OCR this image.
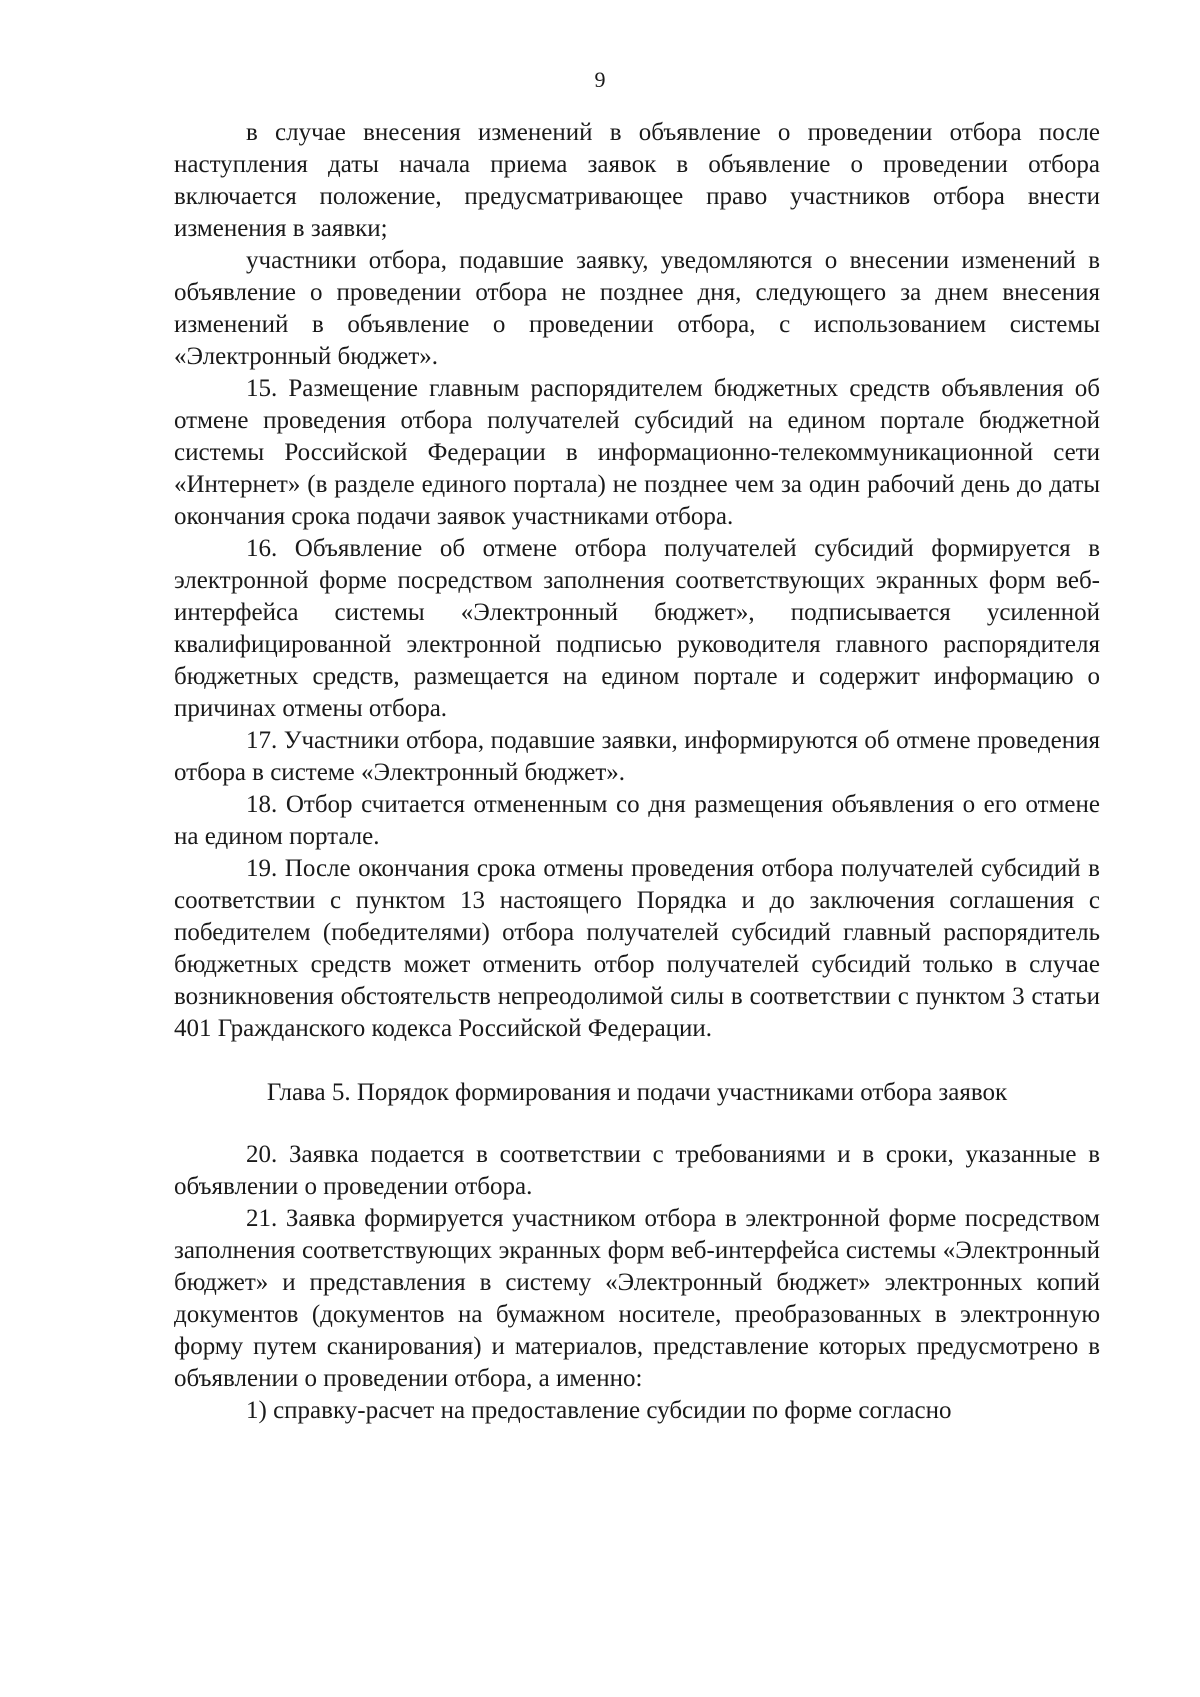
9

в случае внесения изменений в объявление о проведении отбора после наступления даты начала приема заявок в объявление о проведении отбора включается положение, предусматривающее право участников отбора внести изменения в заявки;

участники отбора, подавшие заявку, уведомляются о внесении изменений в объявление о проведении отбора не позднее дня, следующего за днем внесения изменений в объявление о проведении отбора, с использованием системы «Электронный бюджет».

15. Размещение главным распорядителем бюджетных средств объявления об отмене проведения отбора получателей субсидий на едином портале бюджетной системы Российской Федерации в информационно-телекоммуникационной сети «Интернет» (в разделе единого портала) не позднее чем за один рабочий день до даты окончания срока подачи заявок участниками отбора.

16. Объявление об отмене отбора получателей субсидий формируется в электронной форме посредством заполнения соответствующих экранных форм веб-интерфейса системы «Электронный бюджет», подписывается усиленной квалифицированной электронной подписью руководителя главного распорядителя бюджетных средств, размещается на едином портале и содержит информацию о причинах отмены отбора.

17. Участники отбора, подавшие заявки, информируются об отмене проведения отбора в системе «Электронный бюджет».

18. Отбор считается отмененным со дня размещения объявления о его отмене на едином портале.

19. После окончания срока отмены проведения отбора получателей субсидий в соответствии с пунктом 13 настоящего Порядка и до заключения соглашения с победителем (победителями) отбора получателей субсидий главный распорядитель бюджетных средств может отменить отбор получателей субсидий только в случае возникновения обстоятельств непреодолимой силы в соответствии с пунктом 3 статьи 401 Гражданского кодекса Российской Федерации.

Глава 5. Порядок формирования и подачи участниками отбора заявок

20. Заявка подается в соответствии с требованиями и в сроки, указанные в объявлении о проведении отбора.

21. Заявка формируется участником отбора в электронной форме посредством заполнения соответствующих экранных форм веб-интерфейса системы «Электронный бюджет» и представления в систему «Электронный бюджет» электронных копий документов (документов на бумажном носителе, преобразованных в электронную форму путем сканирования) и материалов, представление которых предусмотрено в объявлении о проведении отбора, а именно:

1) справку-расчет на предоставление субсидии по форме согласно
